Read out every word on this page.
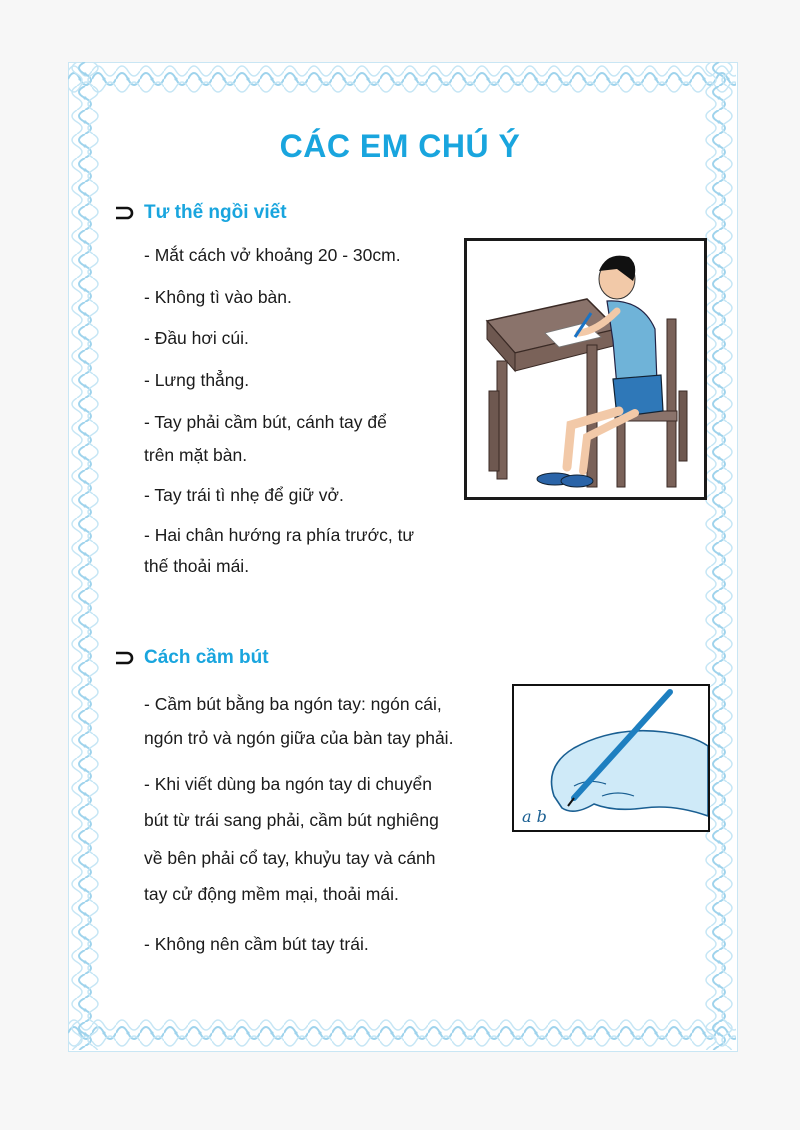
CÁC EM CHÚ Ý
Tư thế ngồi viết
- Mắt cách vở khoảng 20 - 30cm.
- Không tì vào bàn.
- Đầu hơi cúi.
- Lưng thẳng.
- Tay phải cầm bút, cánh tay để
trên mặt bàn.
- Tay trái tì nhẹ để giữ vở.
- Hai chân hướng ra phía trước, tư
thế thoải mái.
Cách cầm bút
- Cầm bút bằng ba ngón tay: ngón cái,
ngón trỏ và ngón giữa của bàn tay phải.
- Khi viết dùng ba ngón tay di chuyển
bút từ trái sang phải, cầm bút nghiêng
về bên phải cổ tay, khuỷu tay và cánh
tay cử động mềm mại, thoải mái.
- Không nên cầm bút tay trái.
a b
